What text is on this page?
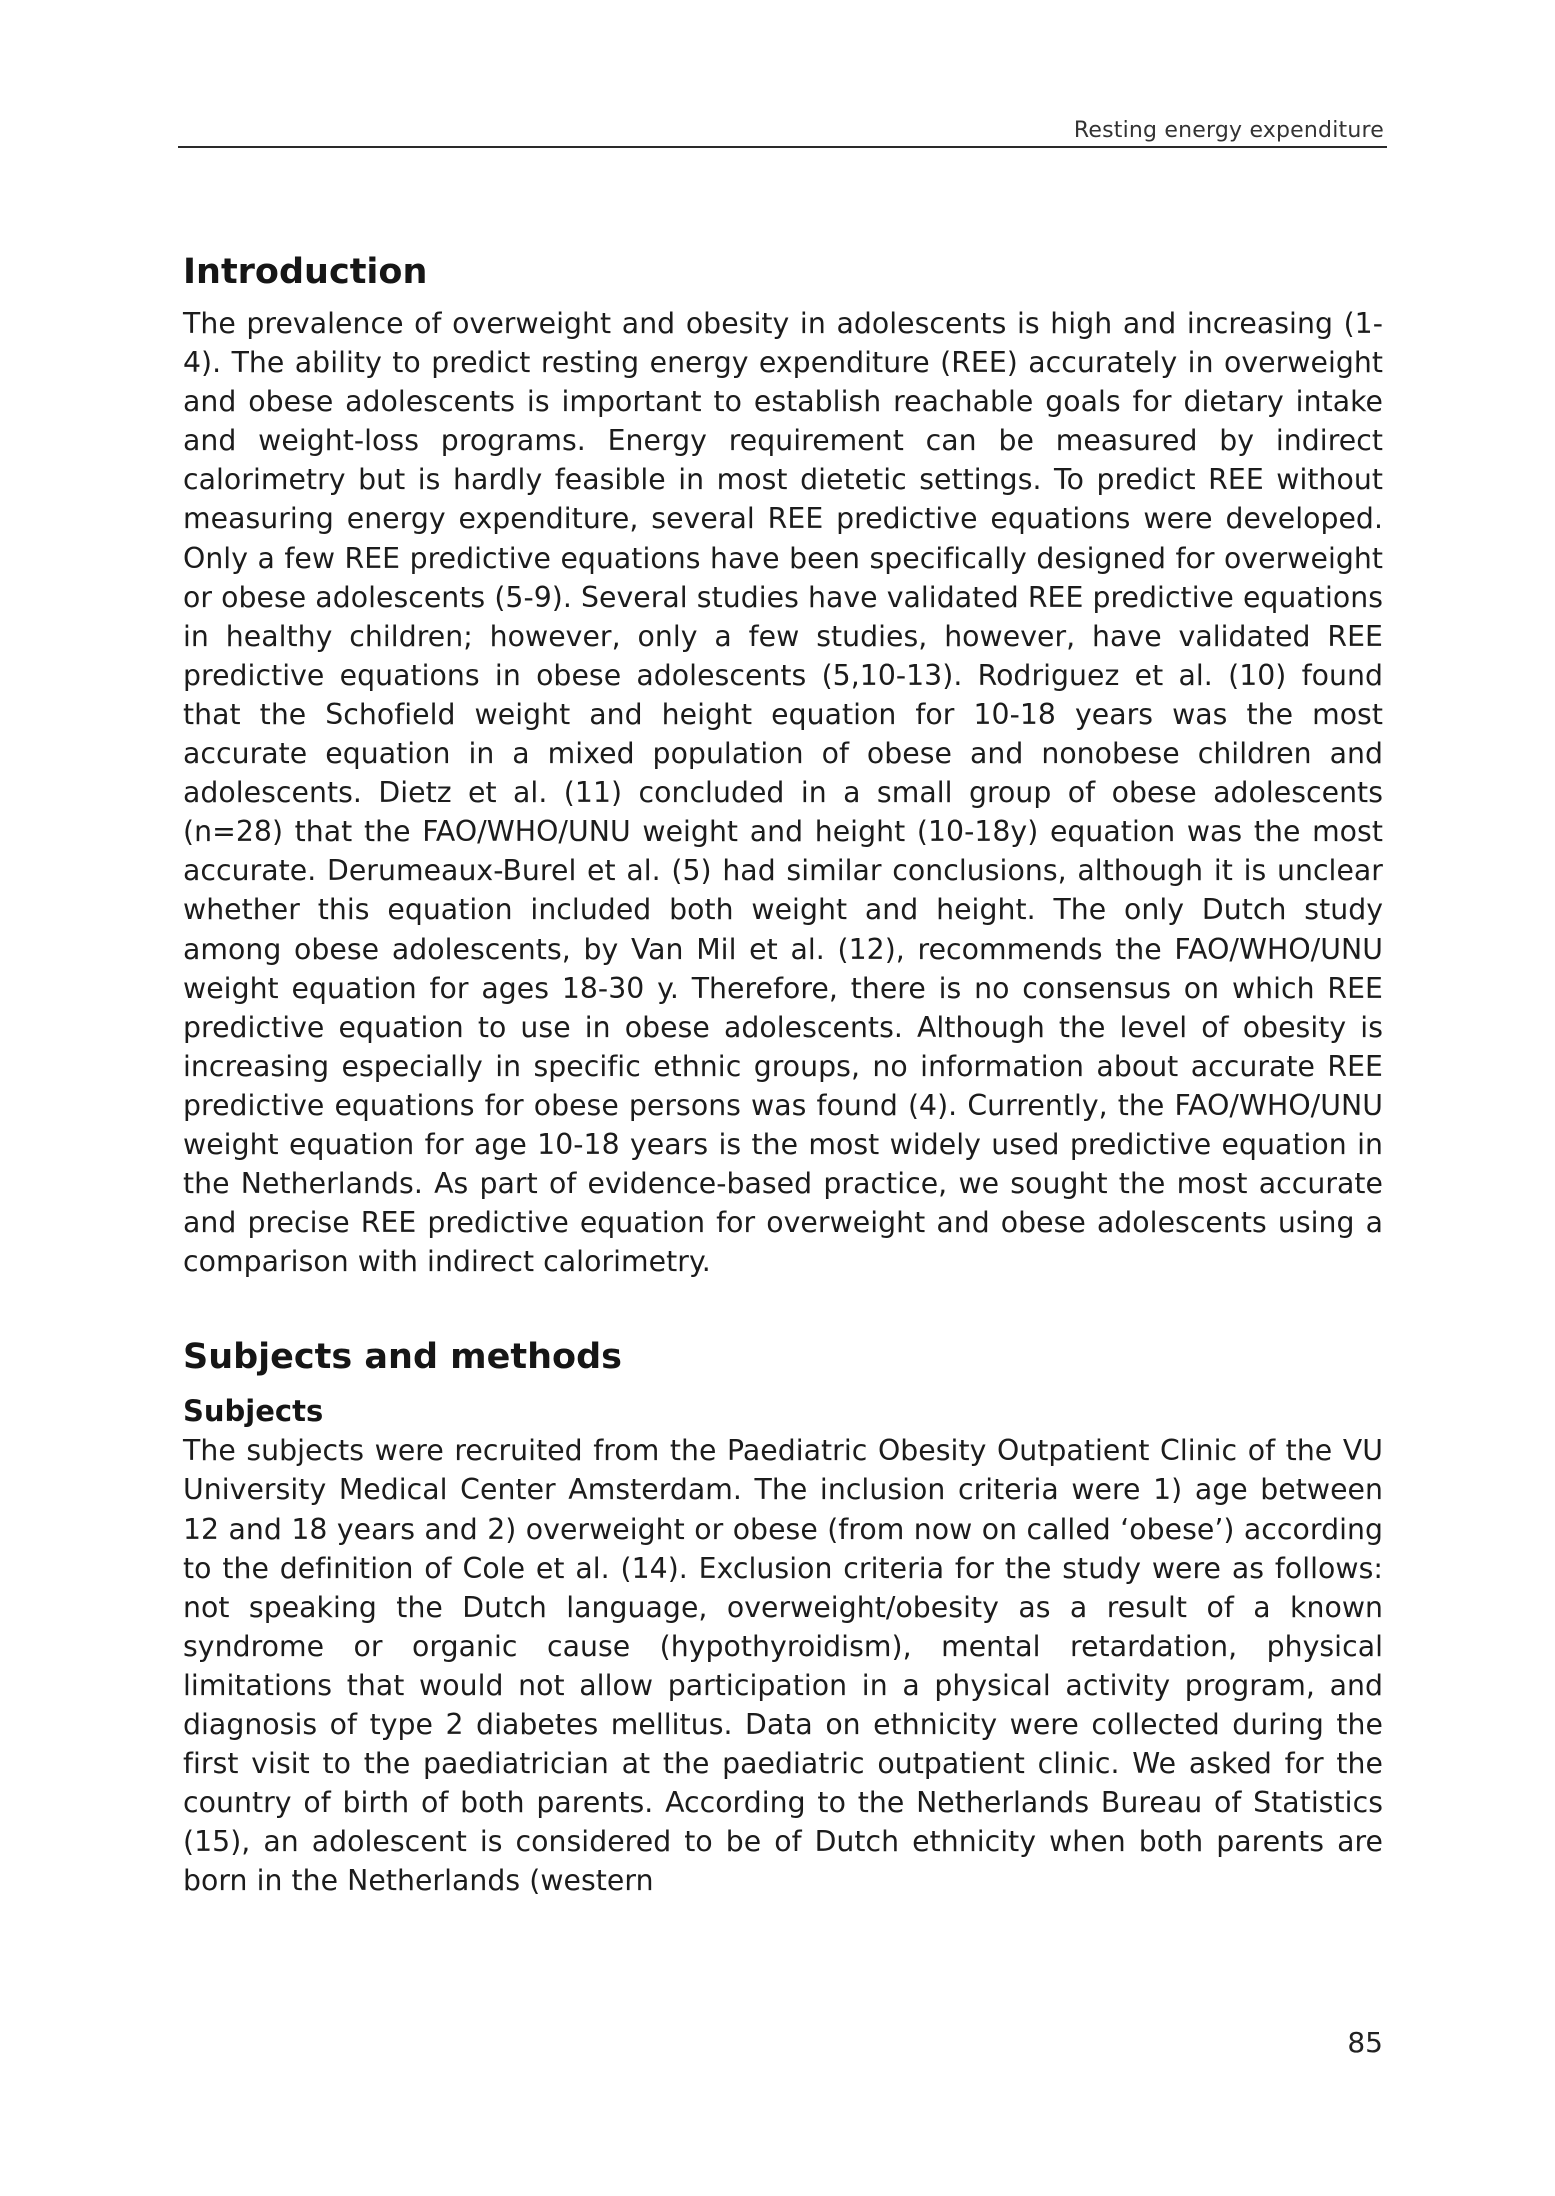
Resting energy expenditure
Introduction

The prevalence of overweight and obesity in adolescents is high and increasing (1-4). The ability to predict resting energy expenditure (REE) accurately in overweight and obese adolescents is important to establish reachable goals for dietary intake and weight-loss programs. Energy requirement can be measured by indirect calorimetry but is hardly feasible in most dietetic settings. To predict REE without measuring energy expenditure, several REE predictive equations were developed. Only a few REE predictive equations have been specifically designed for overweight or obese adolescents (5-9). Several studies have validated REE predictive equations in healthy children; however, only a few studies, however, have validated REE predictive equations in obese adolescents (5,10-13). Rodriguez et al. (10) found that the Schofield weight and height equation for 10-18 years was the most accurate equation in a mixed population of obese and nonobese children and adolescents. Dietz et al. (11) concluded in a small group of obese adolescents (n=28) that the FAO/WHO/UNU weight and height (10-18y) equation was the most accurate. Derumeaux-Burel et al. (5) had similar conclusions, although it is unclear whether this equation included both weight and height. The only Dutch study among obese adolescents, by Van Mil et al. (12), recommends the FAO/WHO/UNU weight equation for ages 18-30 y. Therefore, there is no consensus on which REE predictive equation to use in obese adolescents. Although the level of obesity is increasing especially in specific ethnic groups, no information about accurate REE predictive equations for obese persons was found (4). Currently, the FAO/WHO/UNU weight equation for age 10-18 years is the most widely used predictive equation in the Netherlands. As part of evidence-based practice, we sought the most accurate and precise REE predictive equation for overweight and obese adolescents using a comparison with indirect calorimetry.

Subjects and methods
Subjects

The subjects were recruited from the Paediatric Obesity Outpatient Clinic of the VU University Medical Center Amsterdam. The inclusion criteria were 1) age between 12 and 18 years and 2) overweight or obese (from now on called ‘obese’) according to the definition of Cole et al. (14). Exclusion criteria for the study were as follows: not speaking the Dutch language, overweight/obesity as a result of a known syndrome or organic cause (hypothyroidism), mental retardation, physical limitations that would not allow participation in a physical activity program, and diagnosis of type 2 diabetes mellitus. Data on ethnicity were collected during the first visit to the paediatrician at the paediatric outpatient clinic. We asked for the country of birth of both parents. According to the Netherlands Bureau of Statistics (15), an adolescent is considered to be of Dutch ethnicity when both parents are born in the Netherlands (western

85
